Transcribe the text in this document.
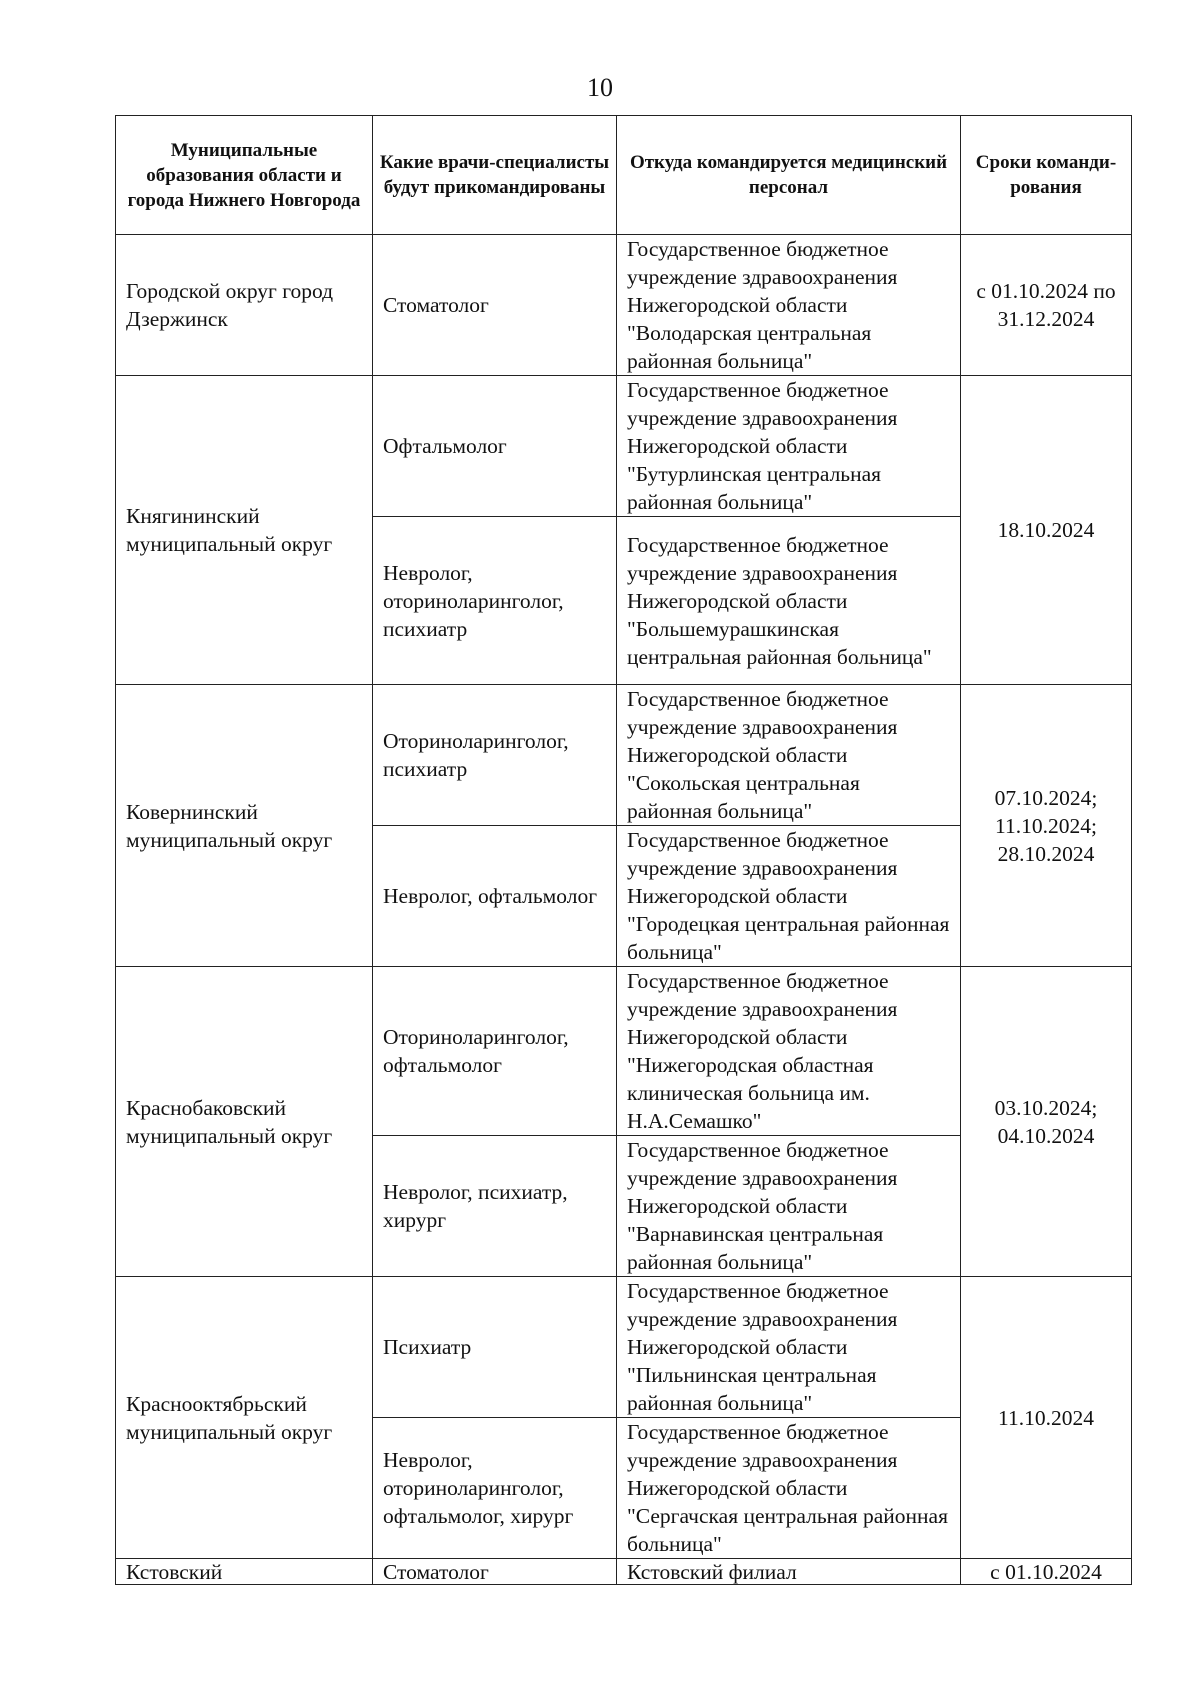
10
Муниципальные образования области и города Нижнего Новгорода	Какие врачи-специалисты будут прикомандированы	Откуда командируется медицинский персонал	Сроки команди-рования
Городской округ город Дзержинск	Стоматолог	Государственное бюджетное учреждение здравоохранения Нижегородской области "Володарская центральная районная больница"	с 01.10.2024 по 31.12.2024
Княгининский муниципальный округ	Офтальмолог	Государственное бюджетное учреждение здравоохранения Нижегородской области "Бутурлинская центральная районная больница"	18.10.2024
	Невролог, оториноларинголог, психиатр	Государственное бюджетное учреждение здравоохранения Нижегородской области "Большемурашкинская центральная районная больница"	
Ковернинский муниципальный округ	Оториноларинголог, психиатр	Государственное бюджетное учреждение здравоохранения Нижегородской области "Сокольская центральная районная больница"	07.10.2024; 11.10.2024; 28.10.2024
	Невролог, офтальмолог	Государственное бюджетное учреждение здравоохранения Нижегородской области "Городецкая центральная районная больница"	
Краснобаковский муниципальный округ	Оториноларинголог, офтальмолог	Государственное бюджетное учреждение здравоохранения Нижегородской области "Нижегородская областная клиническая больница им. Н.А.Семашко"	03.10.2024; 04.10.2024
	Невролог, психиатр, хирург	Государственное бюджетное учреждение здравоохранения Нижегородской области "Варнавинская центральная районная больница"	
Краснооктябрьский муниципальный округ	Психиатр	Государственное бюджетное учреждение здравоохранения Нижегородской области "Пильнинская центральная районная больница"	11.10.2024
	Невролог, оториноларинголог, офтальмолог, хирург	Государственное бюджетное учреждение здравоохранения Нижегородской области "Сергачская центральная районная больница"	
Кстовский	Стоматолог	Кстовский филиал	с 01.10.2024
